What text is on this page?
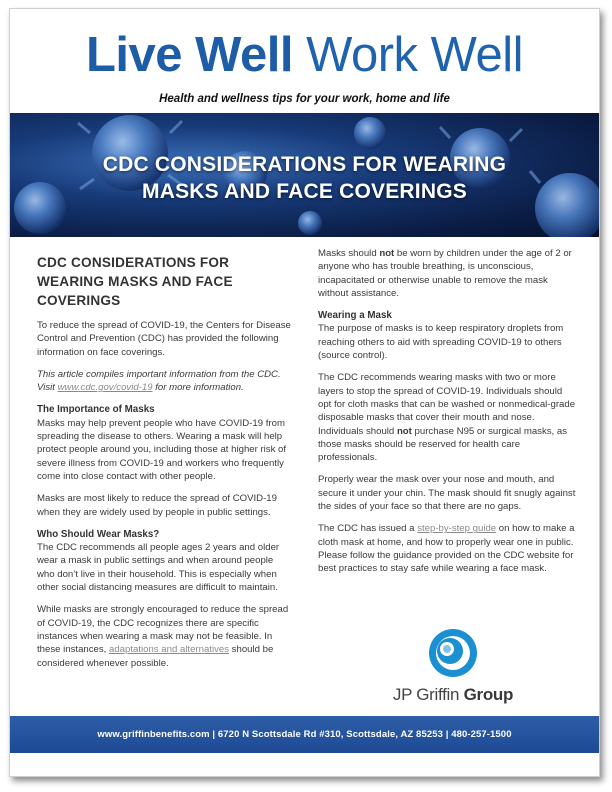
Live Well Work Well
Health and wellness tips for your work, home and life
CDC CONSIDERATIONS FOR WEARING
MASKS AND FACE COVERINGS
CDC CONSIDERATIONS FOR WEARING MASKS AND FACE COVERINGS

To reduce the spread of COVID-19, the Centers for Disease Control and Prevention (CDC) has provided the following information on face coverings.

This article compiles important information from the CDC. Visit www.cdc.gov/covid-19 for more information.

The Importance of Masks

Masks may help prevent people who have COVID-19 from spreading the disease to others. Wearing a mask will help protect people around you, including those at higher risk of severe illness from COVID-19 and workers who frequently come into close contact with other people.

Masks are most likely to reduce the spread of COVID-19 when they are widely used by people in public settings.

Who Should Wear Masks?

The CDC recommends all people ages 2 years and older wear a mask in public settings and when around people who don’t live in their household. This is especially when other social distancing measures are difficult to maintain.

While masks are strongly encouraged to reduce the spread of COVID-19, the CDC recognizes there are specific instances when wearing a mask may not be feasible. In these instances, adaptations and alternatives should be considered whenever possible.

Masks should not be worn by children under the age of 2 or anyone who has trouble breathing, is unconscious, incapacitated or otherwise unable to remove the mask without assistance.

Wearing a Mask

The purpose of masks is to keep respiratory droplets from reaching others to aid with spreading COVID-19 to others (source control).

The CDC recommends wearing masks with two or more layers to stop the spread of COVID-19. Individuals should opt for cloth masks that can be washed or nonmedical-grade disposable masks that cover their mouth and nose. Individuals should not purchase N95 or surgical masks, as those masks should be reserved for health care professionals.

Properly wear the mask over your nose and mouth, and secure it under your chin. The mask should fit snugly against the sides of your face so that there are no gaps.

The CDC has issued a step-by-step guide on how to make a cloth mask at home, and how to properly wear one in public. Please follow the guidance provided on the CDC website for best practices to stay safe while wearing a face mask.

JP Griffin Group
www.griffinbenefits.com | 6720 N Scottsdale Rd #310, Scottsdale, AZ 85253 | 480-257-1500
